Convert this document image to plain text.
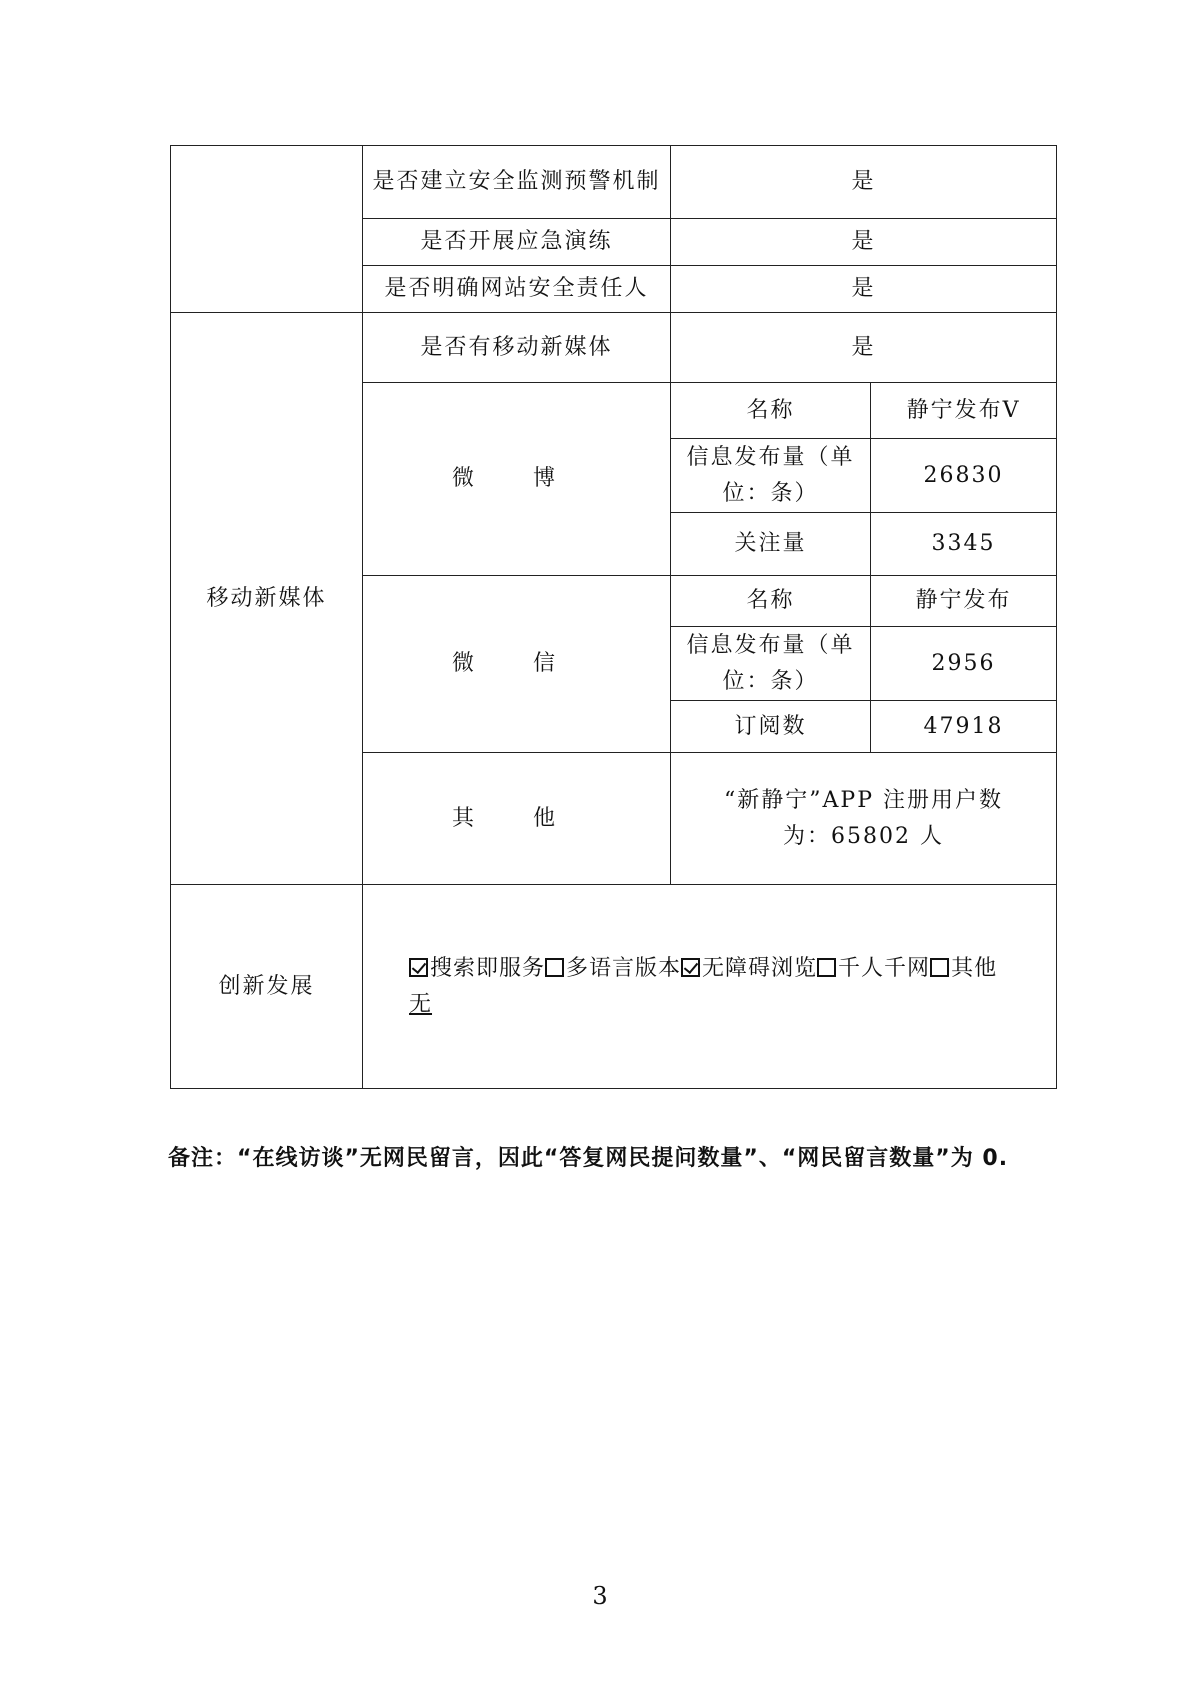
	是否建立安全监测预警机制	是	
	是否开展应急演练	是	
	是否明确网站安全责任人	是	
移动新媒体	是否有移动新媒体	是	
	微 博	名称	静宁发布V
		信息发布量（单位：条）	26830
		关注量	3345
	微 信	名称	静宁发布
		信息发布量（单位：条）	2956
		订阅数	47918
	其 他	“新静宁”APP 注册用户数为：65802 人	
创新发展	搜索即服务 多语言版本 无障碍浏览 千人千网 其他
无		
备注：“在线访谈”无网民留言，因此“答复网民提问数量”、“网民留言数量”为 0.
3
